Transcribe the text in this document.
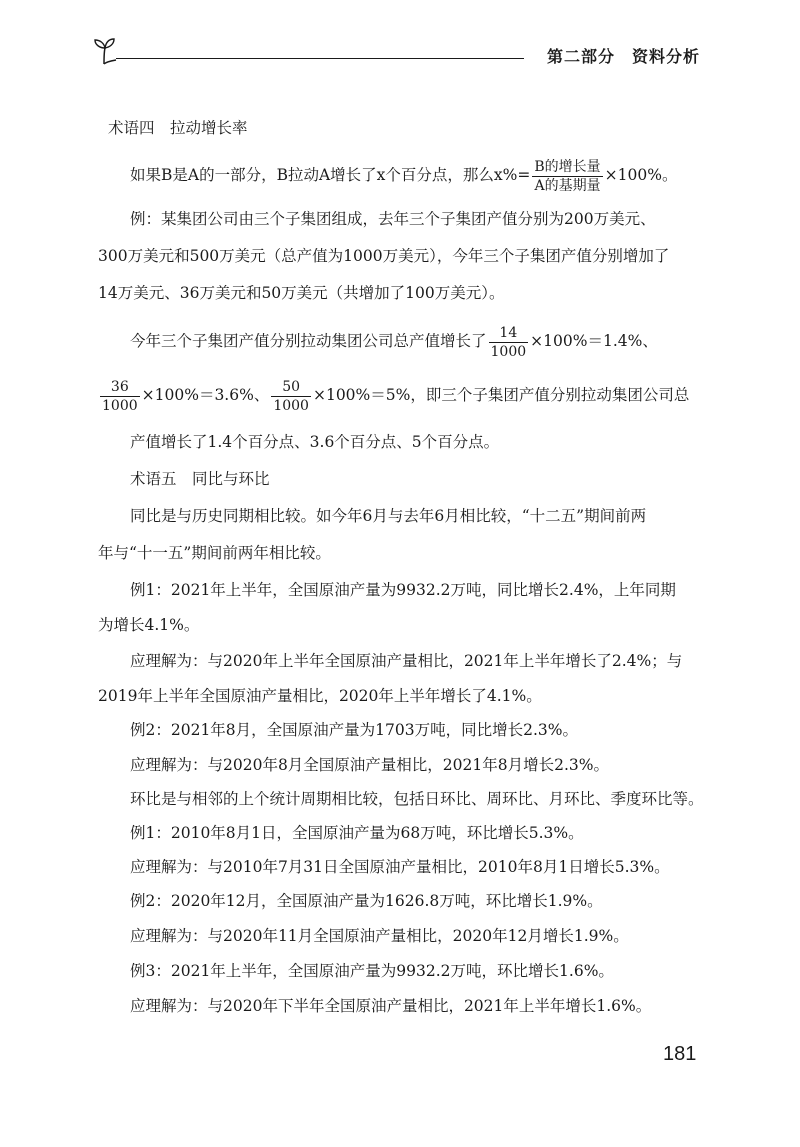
第二部分　资料分析
术语四　拉动增长率
如果B是A的一部分，B拉动A增长了x个百分点，那么$x\%= \frac{\text{B的增长量}}{\text{A的基期量}} \times 100\%$。
例：某集团公司由三个子集团组成，去年三个子集团产值分别为200万美元、
300万美元和500万美元（总产值为1000万美元），今年三个子集团产值分别增加了
14万美元、36万美元和50万美元（共增加了100万美元）。
今年三个子集团产值分别拉动集团公司总产值增长了 $\frac{14}{1000} \times 100\%=1.4\%$、
$\frac{36}{1000} \times 100\%=3.6\%$、 $\frac{50}{1000} \times 100\%=5\%$，即三个子集团产值分别拉动集团公司总
产值增长了1.4个百分点、3.6个百分点、5个百分点。
术语五　同比与环比
同比是与历史同期相比较。如今年6月与去年6月相比较，“十二五”期间前两
年与“十一五”期间前两年相比较。
例1：2021年上半年，全国原油产量为9932.2万吨，同比增长2.4%，上年同期
为增长4.1%。
应理解为：与2020年上半年全国原油产量相比，2021年上半年增长了2.4%；与
2019年上半年全国原油产量相比，2020年上半年增长了4.1%。
例2：2021年8月，全国原油产量为1703万吨，同比增长2.3%。
应理解为：与2020年8月全国原油产量相比，2021年8月增长2.3%。
环比是与相邻的上个统计周期相比较，包括日环比、周环比、月环比、季度环比等。
例1：2010年8月1日，全国原油产量为68万吨，环比增长5.3%。
应理解为：与2010年7月31日全国原油产量相比，2010年8月1日增长5.3%。
例2：2020年12月，全国原油产量为1626.8万吨，环比增长1.9%。
应理解为：与2020年11月全国原油产量相比，2020年12月增长1.9%。
例3：2021年上半年，全国原油产量为9932.2万吨，环比增长1.6%。
应理解为：与2020年下半年全国原油产量相比，2021年上半年增长1.6%。
181
